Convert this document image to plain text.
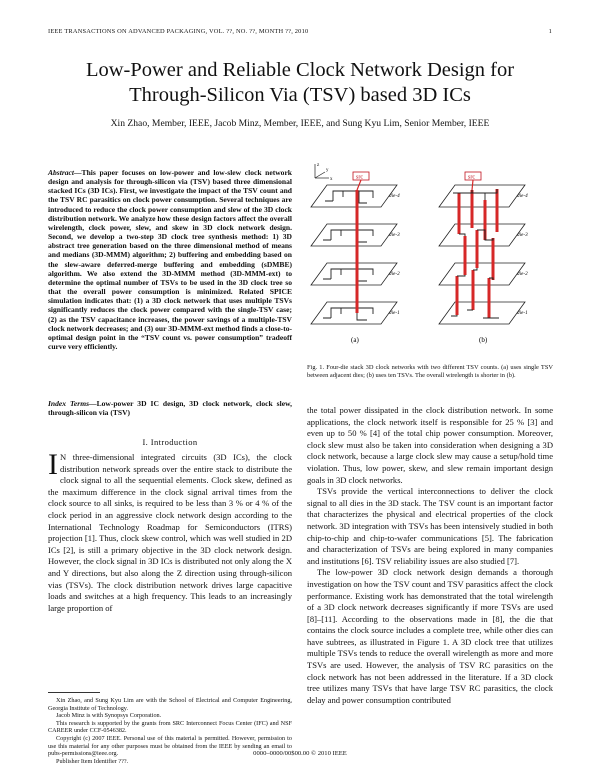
IEEE TRANSACTIONS ON ADVANCED PACKAGING, VOL. ??, NO. ??, MONTH ??, 2010	1
Low-Power and Reliable Clock Network Design for
Through-Silicon Via (TSV) based 3D ICs
Xin Zhao, Member, IEEE, Jacob Minz, Member, IEEE, and Sung Kyu Lim, Senior Member, IEEE
Abstract—This paper focuses on low-power and low-slew clock network design and analysis for through-silicon via (TSV) based three dimensional stacked ICs (3D ICs). First, we investigate the impact of the TSV count and the TSV RC parasitics on clock power consumption. Several techniques are introduced to reduce the clock power consumption and slew of the 3D clock distribution network. We analyze how these design factors affect the overall wirelength, clock power, slew, and skew in 3D clock network design. Second, we develop a two-step 3D clock tree synthesis method: 1) 3D abstract tree generation based on the three dimensional method of means and medians (3D-MMM) algorithm; 2) buffering and embedding based on the slew-aware deferred-merge buffering and embedding (sDMBE) algorithm. We also extend the 3D-MMM method (3D-MMM-ext) to determine the optimal number of TSVs to be used in the 3D clock tree so that the overall power consumption is minimized. Related SPICE simulation indicates that: (1) a 3D clock network that uses multiple TSVs significantly reduces the clock power compared with the single-TSV case; (2) as the TSV capacitance increases, the power savings of a multiple-TSV clock network decreases; and (3) our 3D-MMM-ext method finds a close-to-optimal design point in the “TSV count vs. power consumption” tradeoff curve very efficiently.
Index Terms—Low-power 3D IC design, 3D clock network, clock slew, through-silicon via (TSV)
I. Introduction
I N three-dimensional integrated circuits (3D ICs), the clock distribution network spreads over the entire stack to distribute the clock signal to all the sequential elements. Clock skew, defined as the maximum difference in the clock signal arrival times from the clock source to all sinks, is required to be less than 3 % or 4 % of the clock period in an aggressive clock network design according to the International Technology Roadmap for Semiconductors (ITRS) projection [1]. Thus, clock skew control, which was well studied in 2D ICs [2], is still a primary objective in the 3D clock network design. However, the clock signal in 3D ICs is distributed not only along the X and Y directions, but also along the Z direction using through-silicon vias (TSVs). The clock distribution network drives large capacitive loads and switches at a high frequency. This leads to an increasingly large proportion of

Xin Zhao, and Sung Kyu Lim are with the School of Electrical and Computer Engineering, Georgia Institute of Technology.

Jacob Minz is with Synopsys Corporation.

This research is supported by the grants from SRC Interconnect Focus Center (IFC) and NSF CAREER under CCF-0546382.

Copyright (c) 2007 IEEE. Personal use of this material is permitted. However, permission to use this material for any other purposes must be obtained from the IEEE by sending an email to pubs-permissions@ieee.org.

Publisher Item Identifier ???.

z
y
x	src
die-4
die-3
die-2
die-1
(a)
src
die-4
die-3
die-2
die-1
(b)
Fig. 1. Four-die stack 3D clock networks with two different TSV counts. (a) uses single TSV between adjacent dies; (b) uses ten TSVs. The overall wirelength is shorter in (b).

the total power dissipated in the clock distribution network. In some applications, the clock network itself is responsible for 25 % [3] and even up to 50 % [4] of the total chip power consumption. Moreover, clock slew must also be taken into consideration when designing a 3D clock network, because a large clock slew may cause a setup/hold time violation. Thus, low power, skew, and slew remain important design goals in 3D clock networks.

TSVs provide the vertical interconnections to deliver the clock signal to all dies in the 3D stack. The TSV count is an important factor that characterizes the physical and electrical properties of the clock network. 3D integration with TSVs has been intensively studied in both chip-to-chip and chip-to-wafer communications [5]. The fabrication and characterization of TSVs are being explored in many companies and institutions [6]. TSV reliability issues are also studied [7].

The low-power 3D clock network design demands a thorough investigation on how the TSV count and TSV parasitics affect the clock performance. Existing work has demonstrated that the total wirelength of a 3D clock network decreases significantly if more TSVs are used [8]–[11]. According to the observations made in [8], the die that contains the clock source includes a complete tree, while other dies can have subtrees, as illustrated in Figure 1. A 3D clock tree that utilizes multiple TSVs tends to reduce the overall wirelength as more and more TSVs are used. However, the analysis of TSV RC parasitics on the clock network has not been addressed in the literature. If a 3D clock tree utilizes many TSVs that have large TSV RC parasitics, the clock delay and power consumption contributed

0000–0000/00$00.00 © 2010 IEEE
